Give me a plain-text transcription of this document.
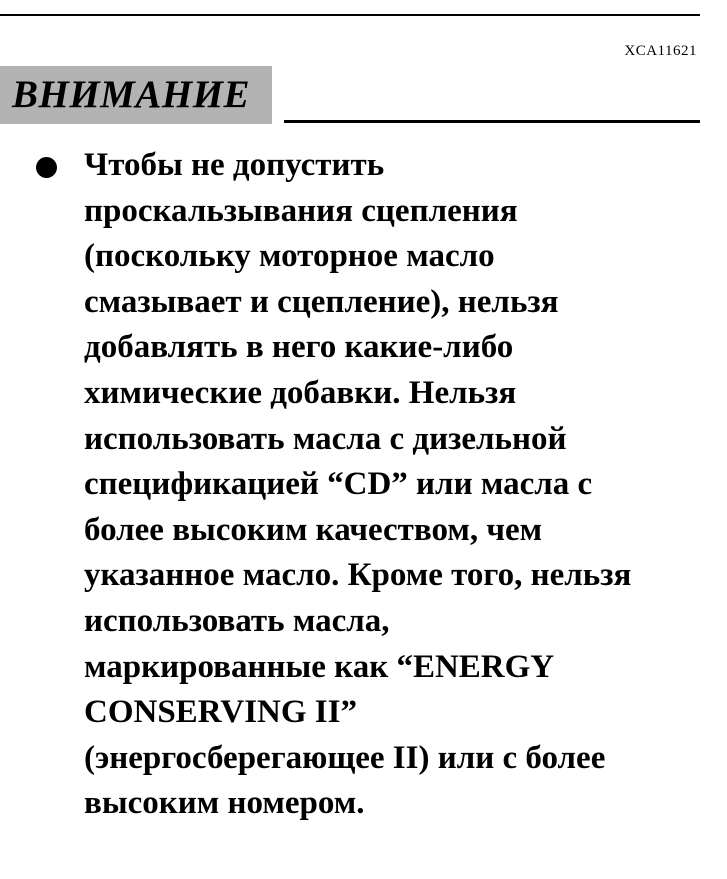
XCA11621
ВНИМАНИЕ

Чтобы не допустить
проскальзывания сцепления
(поскольку моторное масло
смазывает и сцепление), нельзя
добавлять в него какие-либо
химические добавки. Нельзя
использовать масла с дизельной
спецификацией “CD” или масла с
более высоким качеством, чем
указанное масло. Кроме того, нельзя
использовать масла,
маркированные как “ENERGY
CONSERVING II”
(энергосберегающее II) или с более
высоким номером.
